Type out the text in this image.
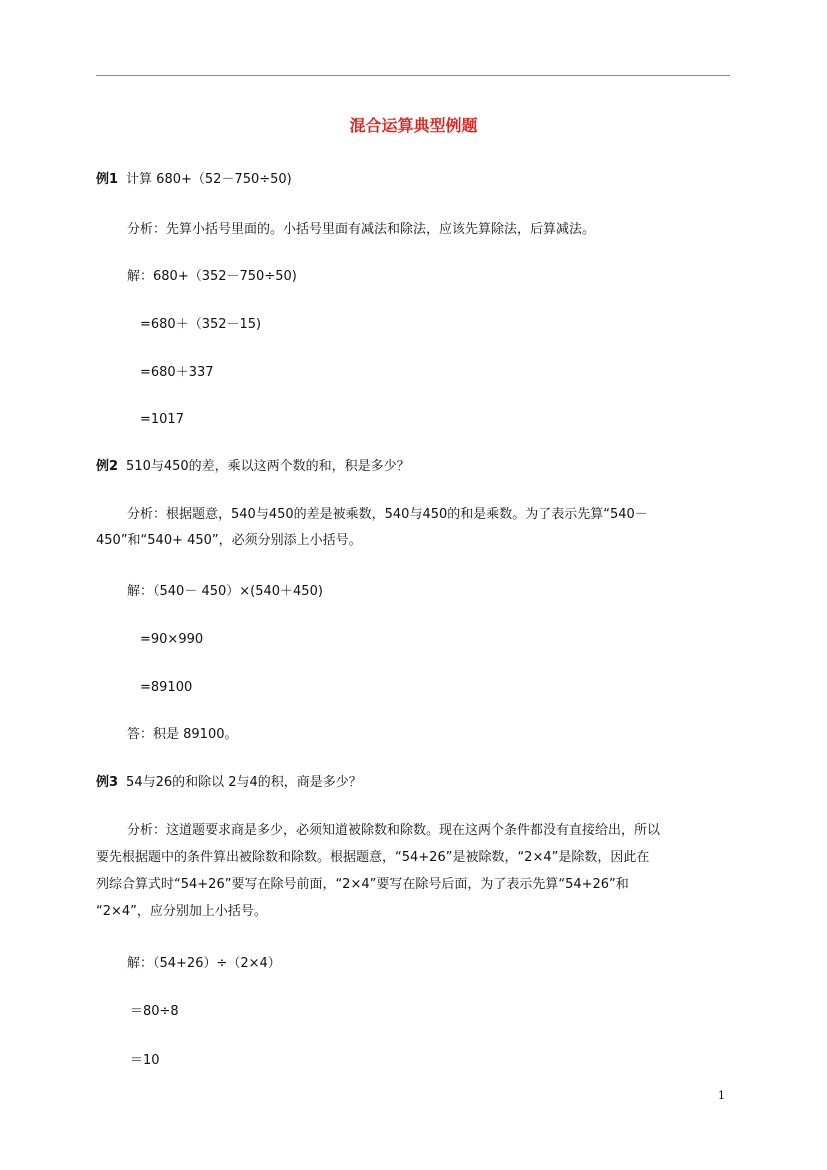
混合运算典型例题
例1 计算 680+（52－750÷50)
分析：先算小括号里面的。小括号里面有减法和除法，应该先算除法，后算减法。
解：680+（352－750÷50)
=680＋（352－15)
=680＋337
=1017
例2 510与450的差，乘以这两个数的和，积是多少？
分析：根据题意，540与450的差是被乘数，540与450的和是乘数。为了表示先算“540－
450”和“540+ 450”，必须分别添上小括号。
解：（540－ 450）×(540＋450)
=90×990
=89100
答：积是 89100。
例3 54与26的和除以 2与4的积，商是多少？
分析：这道题要求商是多少，必须知道被除数和除数。现在这两个条件都没有直接给出，所以
要先根据题中的条件算出被除数和除数。根据题意，“54+26”是被除数，“2×4”是除数，因此在
列综合算式时“54+26”要写在除号前面，“2×4”要写在除号后面，为了表示先算“54+26”和
“2×4”，应分别加上小括号。
解：（54+26）÷（2×4）
＝80÷8
＝10
1
